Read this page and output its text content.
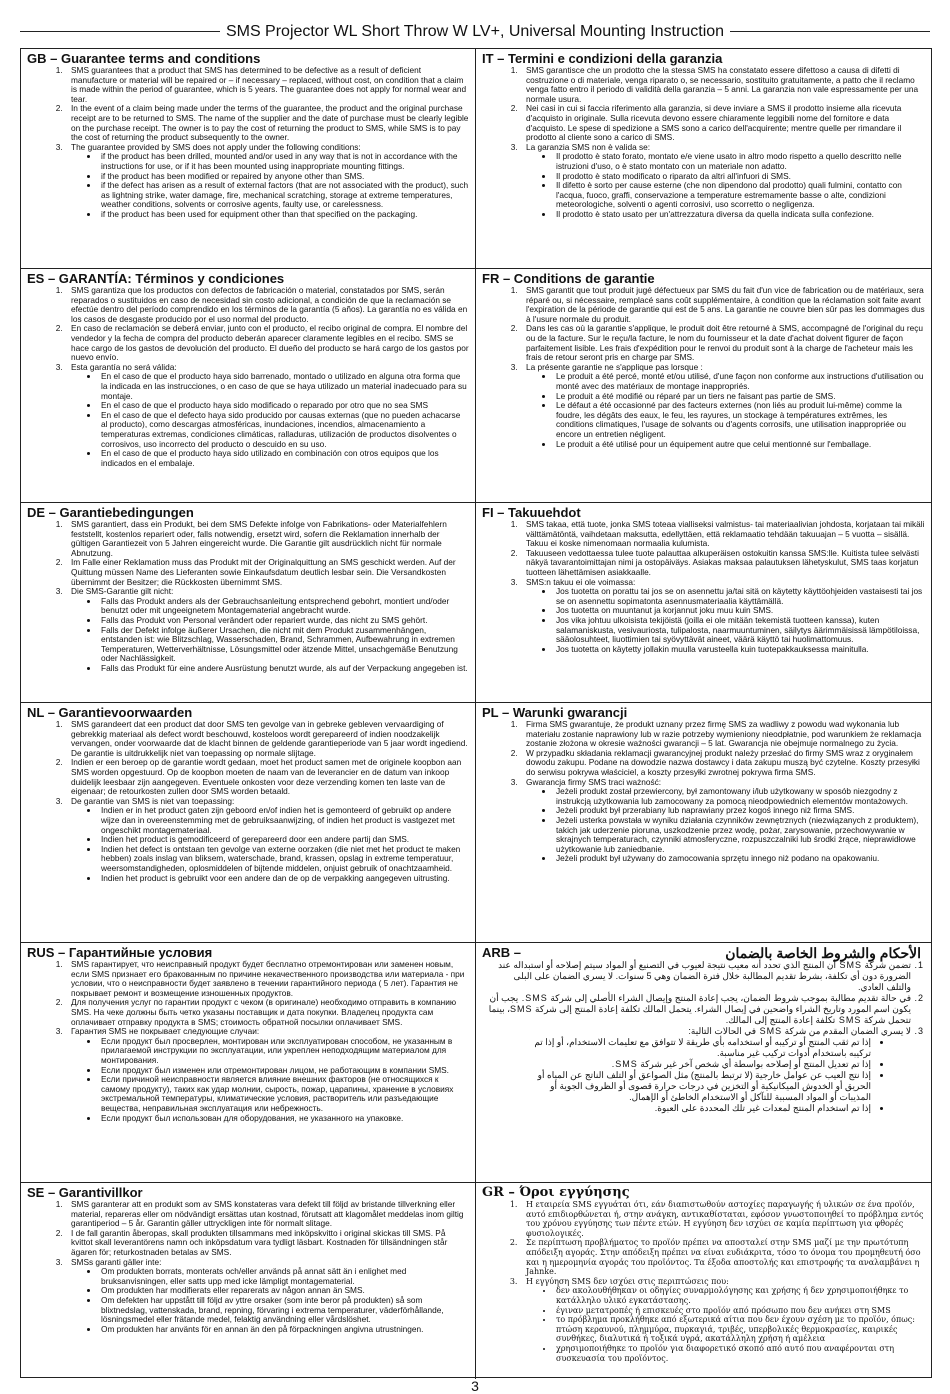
SMS Projector WL Short Throw W LV+, Universal Mounting Instruction
GB – Guarantee terms and conditions
1. SMS guarantees that a product that SMS has determined to be defective as a result of deficient manufacture or material will be repaired or – if necessary – replaced, without cost, on condition that a claim is made within the period of guarantee, which is 5 years. The guarantee does not apply for normal wear and tear.
2. In the event of a claim being made under the terms of the guarantee, the product and the original purchase receipt are to be returned to SMS. The name of the supplier and the date of purchase must be clearly legible on the purchase receipt. The owner is to pay the cost of returning the product to SMS, while SMS is to pay the cost of returning the product subsequently to the owner.
3. The guarantee provided by SMS does not apply under the following conditions:
• if the product has been drilled, mounted and/or used in any way that is not in accordance with the instructions for use, or if it has been mounted using inappropriate mounting fittings.
• if the product has been modified or repaired by anyone other than SMS.
• if the defect has arisen as a result of external factors (that are not associated with the product), such as lightning strike, water damage, fire, mechanical scratching, storage at extreme temperatures, weather conditions, solvents or corrosive agents, faulty use, or carelessness.
• if the product has been used for equipment other than that specified on the packaging.
IT – Termini e condizioni della garanzia
1. SMS garantisce che un prodotto che la stessa SMS ha constatato essere difettoso a causa di difetti di costruzione o di materiale, venga riparato o, se necessario, sostituito gratuitamente, a patto che il reclamo venga fatto entro il periodo di validità della garanzia – 5 anni. La garanzia non vale espressamente per una normale usura.
2. Nei casi in cui si faccia riferimento alla garanzia, si deve inviare a SMS il prodotto insieme alla ricevuta d'acquisto in originale. Sulla ricevuta devono essere chiaramente leggibili nome del fornitore e data d'acquisto. Le spese di spedizione a SMS sono a carico dell'acquirente; mentre quelle per rimandare il prodotto al cliente sono a carico di SMS.
3. La garanzia SMS non è valida se:
• Il prodotto è stato forato, montato e/e viene usato in altro modo rispetto a quello descritto nelle istruzioni d'uso, o è stato montato con un materiale non adatto.
• Il prodotto è stato modificato o riparato da altri all'infuori di SMS.
• Il difetto è sorto per cause esterne (che non dipendono dal prodotto) quali fulmini, contatto con l'acqua, fuoco, graffi, conservazione a temperature estremamente basse o alte, condizioni meteorologiche, solventi o agenti corrosivi, uso scorretto o negligenza.
• Il prodotto è stato usato per un'attrezzatura diversa da quella indicata sulla confezione.
ES – GARANTÍA: Términos y condiciones
1. SMS garantiza que los productos con defectos de fabricación o material, constatados por SMS, serán reparados o sustituidos en caso de necesidad sin costo adicional, a condición de que la reclamación se efectúe dentro del período comprendido en los términos de la garantía (5 años). La garantía no es válida en los casos de desgaste producido por el uso normal del producto.
2. En caso de reclamación se deberá enviar, junto con el producto, el recibo original de compra. El nombre del vendedor y la fecha de compra del producto deberán aparecer claramente legibles en el recibo. SMS se hace cargo de los gastos de devolución del producto. El dueño del producto se hará cargo de los gastos por nuevo envío.
3. Esta garantía no será válida:
• En el caso de que el producto haya sido barrenado, montado o utilizado en alguna otra forma que la indicada en las instrucciones, o en caso de que se haya utilizado un material inadecuado para su montaje.
• En el caso de que el producto haya sido modificado o reparado por otro que no sea SMS
• En el caso de que el defecto haya sido producido por causas externas (que no pueden achacarse al producto), como descargas atmosféricas, inundaciones, incendios, almacenamiento a temperaturas extremas, condiciones climáticas, ralladuras, utilización de productos disolventes o corrosivos, uso incorrecto del producto o descuido en su uso.
• En el caso de que el producto haya sido utilizado en combinación con otros equipos que los indicados en el embalaje.
FR – Conditions de garantie
1. SMS garantit que tout produit jugé défectueux par SMS du fait d'un vice de fabrication ou de matériaux, sera réparé ou, si nécessaire, remplacé sans coût supplémentaire, à condition que la réclamation soit faite avant l'expiration de la période de garantie qui est de 5 ans. La garantie ne couvre bien sûr pas les dommages dus à l'usure normale du produit.
2. Dans les cas où la garantie s'applique, le produit doit être retourné à SMS, accompagné de l'original du reçu ou de la facture. Sur le reçu/la facture, le nom du fournisseur et la date d'achat doivent figurer de façon parfaitement lisible. Les frais d'expédition pour le renvoi du produit sont à la charge de l'acheteur mais les frais de retour seront pris en charge par SMS.
3. La présente garantie ne s'applique pas lorsque :
• Le produit a été percé, monté et/ou utilisé, d'une façon non conforme aux instructions d'utilisation ou monté avec des matériaux de montage inappropriés.
• Le produit a été modifié ou réparé par un tiers ne faisant pas partie de SMS.
• Le défaut a été occasionné par des facteurs externes (non liés au produit lui-même) comme la foudre, les dégâts des eaux, le feu, les rayures, un stockage à températures extrêmes, les conditions climatiques, l'usage de solvants ou d'agents corrosifs, une utilisation inappropriée ou encore un entretien négligent.
• Le produit a été utilisé pour un équipement autre que celui mentionné sur l'emballage.
DE – Garantiebedingungen
1. SMS garantiert, dass ein Produkt, bei dem SMS Defekte infolge von Fabrikations- oder Materialfehlern feststellt, kostenlos repariert oder, falls notwendig, ersetzt wird, sofern die Reklamation innerhalb der gültigen Garantiezeit von 5 Jahren eingereicht wurde. Die Garantie gilt ausdrücklich nicht für normale Abnutzung.
2. Im Falle einer Reklamation muss das Produkt mit der Originalquittung an SMS geschickt werden. Auf der Quittung müssen Name des Lieferanten sowie Einkaufsdatum deutlich lesbar sein. Die Versandkosten übernimmt der Besitzer; die Rückkosten übernimmt SMS.
3. Die SMS-Garantie gilt nicht:
• Falls das Produkt anders als der Gebrauchsanleitung entsprechend gebohrt, montiert und/oder benutzt oder mit ungeeignetem Montagematerial angebracht wurde.
• Falls das Produkt von Personal verändert oder repariert wurde, das nicht zu SMS gehört.
• Falls der Defekt infolge äußerer Ursachen, die nicht mit dem Produkt zusammenhängen, entstanden ist: wie Blitzschlag, Wasserschaden, Brand, Schrammen, Aufbewahrung in extremen Temperaturen, Wetterverhältnisse, Lösungsmittel oder ätzende Mittel, unsachgemäße Benutzung oder Nachlässigkeit.
• Falls das Produkt für eine andere Ausrüstung benutzt wurde, als auf der Verpackung angegeben ist.
FI – Takuuehdot
1. SMS takaa, että tuote, jonka SMS toteaa vialliseksi valmistus- tai materiaalivian johdosta, korjataan tai mikäli välttämätöntä, vaihdetaan maksutta, edellyttäen, että reklamaatio tehdään takuuajan – 5 vuotta – sisällä. Takuu ei koske nimenomaan normaalia kulumista.
2. Takuuseen vedottaessa tulee tuote palauttaa alkuperäisen ostokuitin kanssa SMS:lle. Kuitista tulee selvästi näkyä tavarantoimittajan nimi ja ostopäiväys. Asiakas maksaa palautuksen lähetyskulut, SMS taas korjatun tuotteen lähettämisen asiakkaalle.
3. SMS:n takuu ei ole voimassa:
• Jos tuotetta on porattu tai jos se on asennettu ja/tai sitä on käytetty käyttöohjeiden vastaisesti tai jos se on asennettu sopimatonta asennusmateriaalia käyttämällä.
• Jos tuotetta on muuntanut ja korjannut joku muu kuin SMS.
• Jos vika johtuu ulkoisista tekijöistä (joilla ei ole mitään tekemistä tuotteen kanssa), kuten salamaniskusta, vesivauriosta, tulipalosta, naarmuuntuminen, säilytys äärimmäisissä lämpötiloissa, sääolosuhteet, liuottimien tai syövyttävät aineet, väärä käyttö tai huolimattomuus.
• Jos tuotetta on käytetty jollakin muulla varusteella kuin tuotepakkauksessa mainitulla.
NL – Garantievoorwaarden
1. SMS garandeert dat een product dat door SMS ten gevolge van in gebreke gebleven vervaardiging of gebrekkig materiaal als defect wordt beschouwd, kosteloos wordt gerepareerd of indien noodzakelijk vervangen, onder voorwaarde dat de klacht binnen de geldende garantieperiode van 5 jaar wordt ingediend. De garantie is uitdrukkelijk niet van toepassing op normale slijtage.
2. Indien er een beroep op de garantie wordt gedaan, moet het product samen met de originele koopbon aan SMS worden opgestuurd. Op de koopbon moeten de naam van de leverancier en de datum van inkoop duidelijk leesbaar zijn aangegeven. Eventuele onkosten voor deze verzending komen ten laste van de eigenaar; de retourkosten zullen door SMS worden betaald.
3. De garantie van SMS is niet van toepassing:
• Indien er in het product gaten zijn geboord en/of indien het is gemonteerd of gebruikt op andere wijze dan in overeenstemming met de gebruiksaanwijzing, of indien het product is vastgezet met ongeschikt montagemateriaal.
• Indien het product is gemodificeerd of gerepareerd door een andere partij dan SMS.
• Indien het defect is ontstaan ten gevolge van externe oorzaken (die niet met het product te maken hebben) zoals inslag van bliksem, waterschade, brand, krassen, opslag in extreme temperatuur, weersomstandigheden, oplosmiddelen of bijtende middelen, onjuist gebruik of onachtzaamheid.
• Indien het product is gebruikt voor een andere dan de op de verpakking aangegeven uitrusting.
PL – Warunki gwarancji
1. Firma SMS gwarantuje, że produkt uznany przez firmę SMS za wadliwy z powodu wad wykonania lub materiału zostanie naprawiony lub w razie potrzeby wymieniony nieodpłatnie, pod warunkiem że reklamacja zostanie złożona w okresie ważności gwarancji – 5 lat. Gwarancja nie obejmuje normalnego zu życia.
2. W przypadku składania reklamacji gwarancyjnej produkt należy przesłać do firmy SMS wraz z oryginałem dowodu zakupu. Podane na dowodzie nazwa dostawcy i data zakupu muszą być czytelne. Koszty przesyłki do serwisu pokrywa właściciel, a koszty przesyłki zwrotnej pokrywa firma SMS.
3. Gwarancja firmy SMS traci ważność:
• Jeżeli produkt został przewiercony, był zamontowany i/lub użytkowany w sposób niezgodny z instrukcją użytkowania lub zamocowany za pomocą nieodpowiednich elementów montażowych.
• Jeżeli produkt był przerabiany lub naprawiany przez kogoś innego niż firma SMS.
• Jeżeli usterka powstała w wyniku działania czynników zewnętrznych (niezwiązanych z produktem), takich jak uderzenie pioruna, uszkodzenie przez wodę, pożar, zarysowanie, przechowywanie w skrajnych temperaturach, czynniki atmosferyczne, rozpuszczalniki lub środki żrące, nieprawidłowe użytkowanie lub zaniedbanie.
• Jeżeli produkt był używany do zamocowania sprzętu innego niż podano na opakowaniu.
RUS – Гарантийные условия
1. SMS гарантирует, что неисправный продукт будет бесплатно отремонтирован или заменен новым, если SMS признает его бракованным по причине некачественного производства или материала - при условии, что о неисправности будет заявлено в течении гарантийного периода ( 5 лет). Гарантия не покрывает ремонт и возмещение изношенных продуктов.
2. Для получения услуг по гарантии продукт с чеком (в оригинале) необходимо отправить в компанию SMS. На чеке должны быть четко указаны поставщик и дата покупки. Владелец продукта сам оплачивает отправку продукта в SMS; стоимость обратной посылки оплачивает SMS.
3. Гарантия SMS не покрывает следующие случаи:
• Если продукт был просверлен, монтирован или эксплуатирован способом, не указанным в прилагаемой инструкции по эксплуатации, или укреплен неподходящим материалом для монтирования.
• Если продукт был изменен или отремонтирован лицом, не работающим в компании SMS.
• Если причиной неисправности является влияние внешних факторов (не относящихся к самому продукту), таких как удар молнии, сырость, пожар, царапины, хранение в условиях экстремальной температуры, климатические условия, растворитель или разъедающие вещества, неправильная эксплуатация или небрежность.
• Если продукт был использован для оборудования, не указанного на упаковке.
ARB –	الأحكام والشروط الخاصة بالضمان
1. تضمن شركة SMS أن المنتج الذي تحدد أنه معيب نتيجة لعيوب في التصنيع أو المواد سيتم إصلاحه أو استبداله عند الضرورة دون أي تكلفة، بشرط تقديم المطالبة خلال فترة الضمان وهي 5 سنوات. لا يسري الضمان على البلى والتلف العادي.
2. في حالة تقديم مطالبة بموجب شروط الضمان، يجب إعادة المنتج وإيصال الشراء الأصلي إلى شركة SMS. يجب أن يكون اسم المورد وتاريخ الشراء واضحين في إيصال الشراء. يتحمل المالك تكلفة إعادة المنتج إلى شركة SMS، بينما تتحمل شركة SMS تكلفة إعادة المنتج إلى المالك.
3. لا يسري الضمان المقدم من شركة SMS في الحالات التالية:
• إذا تم ثقب المنتج أو تركيبه أو استخدامه بأي طريقة لا تتوافق مع تعليمات الاستخدام، أو إذا تم تركيبه باستخدام أدوات تركيب غير مناسبة.
• إذا تم تعديل المنتج أو إصلاحه بواسطة أي شخص آخر غير شركة SMS.
• إذا نتج العيب عن عوامل خارجية (لا ترتبط بالمنتج) مثل الصواعق أو التلف الناتج عن المياه أو الحريق أو الخدوش الميكانيكية أو التخزين في درجات حرارة قصوى أو الظروف الجوية أو المذيبات أو المواد المسببة للتآكل أو الاستخدام الخاطئ أو الإهمال.
• إذا تم استخدام المنتج لمعدات غير تلك المحددة على العبوة.
SE – Garantivillkor
1. SMS garanterar att en produkt som av SMS konstateras vara defekt till följd av bristande tillverkning eller material, repareras eller om nödvändigt ersättas utan kostnad, förutsatt att klagomålet meddelas inom giltig garantiperiod – 5 år. Garantin gäller uttryckligen inte för normalt slitage.
2. I de fall garantin åberopas, skall produkten tillsammans med inköpskvitto i original skickas till SMS. På kvittot skall leverantörens namn och inköpsdatum vara tydligt läsbart. Kostnaden för tillsändningen står ägaren för; returkostnaden betalas av SMS.
3. SMSs garanti gäller inte:
• Om produkten borrats, monterats och/eller används på annat sätt än i enlighet med bruksanvisningen, eller satts upp med icke lämpligt montagematerial.
• Om produkten har modifierats eller reparerats av någon annan än SMS.
• Om defekten har uppstått till följd av yttre orsaker (som inte beror på produkten) så som blixtnedslag, vattenskada, brand, repning, förvaring i extrema temperaturer, väderförhållande, lösningsmedel eller frätande medel, felaktig användning eller vårdslöshet.
• Om produkten har använts för en annan än den på förpackningen angivna utrustningen.
GR – Όροι εγγύησης
1. Η εταιρεία SMS εγγυάται ότι, εάν διαπιστωθούν αστοχίες παραγωγής ή υλικών σε ένα προϊόν, αυτό επιδιορθώνεται ή, στην ανάγκη, αντικαθίσταται, εφόσον γνωστοποιηθεί το πρόβλημα εντός του χρόνου εγγύησης των πέντε ετών. Η εγγύηση δεν ισχύει σε καμία περίπτωση για φθορές φυσιολογικές.
2. Σε περίπτωση προβλήματος το προϊόν πρέπει να αποσταλεί στην SMS μαζί με την πρωτότυπη απόδειξη αγοράς. Στην απόδειξη πρέπει να είναι ευδιάκριτα, τόσο το όνομα του προμηθευτή όσο και η ημερομηνία αγοράς του προϊόντος. Τα έξοδα αποστολής και επιστροφής τα αναλαμβάνει η Jahnke.
3. Η εγγύηση SMS δεν ισχύει στις περιπτώσεις που:
• δεν ακολουθήθηκαν οι οδηγίες συναρμολόγησης και χρήσης ή δεν χρησιμοποιήθηκε το κατάλληλο υλικό εγκατάστασης.
• έγιναν μετατροπές ή επισκευές στο προϊόν από πρόσωπο που δεν ανήκει στη SMS
• το πρόβλημα προκλήθηκε από εξωτερικά αίτια που δεν έχουν σχέση με το προϊόν, όπως: πτώση κεραυνού, πλημμύρα, πυρκαγιά, τριβές, υπερβολικές θερμοκρασίες, καιρικές συνθήκες, διαλυτικά ή τοξικά υγρά, ακατάλληλη χρήση ή αμέλεια
• χρησιμοποιήθηκε το προϊόν για διαφορετικό σκοπό από αυτό που αναφέρονται στη συσκευασία του προϊόντος.
3
